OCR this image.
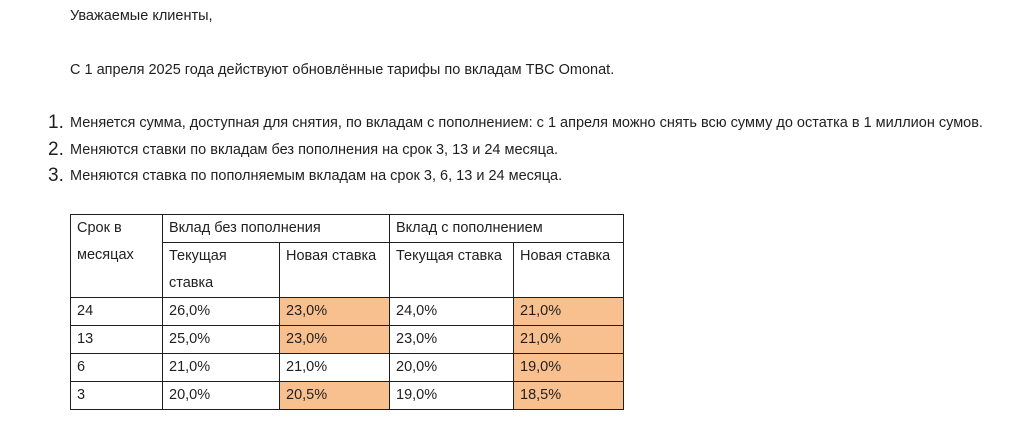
Уважаемые клиенты,
С 1 апреля 2025 года действуют обновлённые тарифы по вкладам TBC Omonat.
1. Меняется сумма, доступная для снятия, по вкладам с пополнением: с 1 апреля можно снять всю сумму до остатка в 1 миллион сумов.
2. Меняются ставки по вкладам без пополнения на срок 3, 13 и 24 месяца.
3. Меняются ставка по пополняемым вкладам на срок 3, 6, 13 и 24 месяца.
Срок в месяцах	Вклад без пополнения		Вклад с пополнением	
	Текущая ставка	Новая ставка	Текущая ставка	Новая ставка
24	26,0%	23,0%	24,0%	21,0%
13	25,0%	23,0%	23,0%	21,0%
6	21,0%	21,0%	20,0%	19,0%
3	20,0%	20,5%	19,0%	18,5%
